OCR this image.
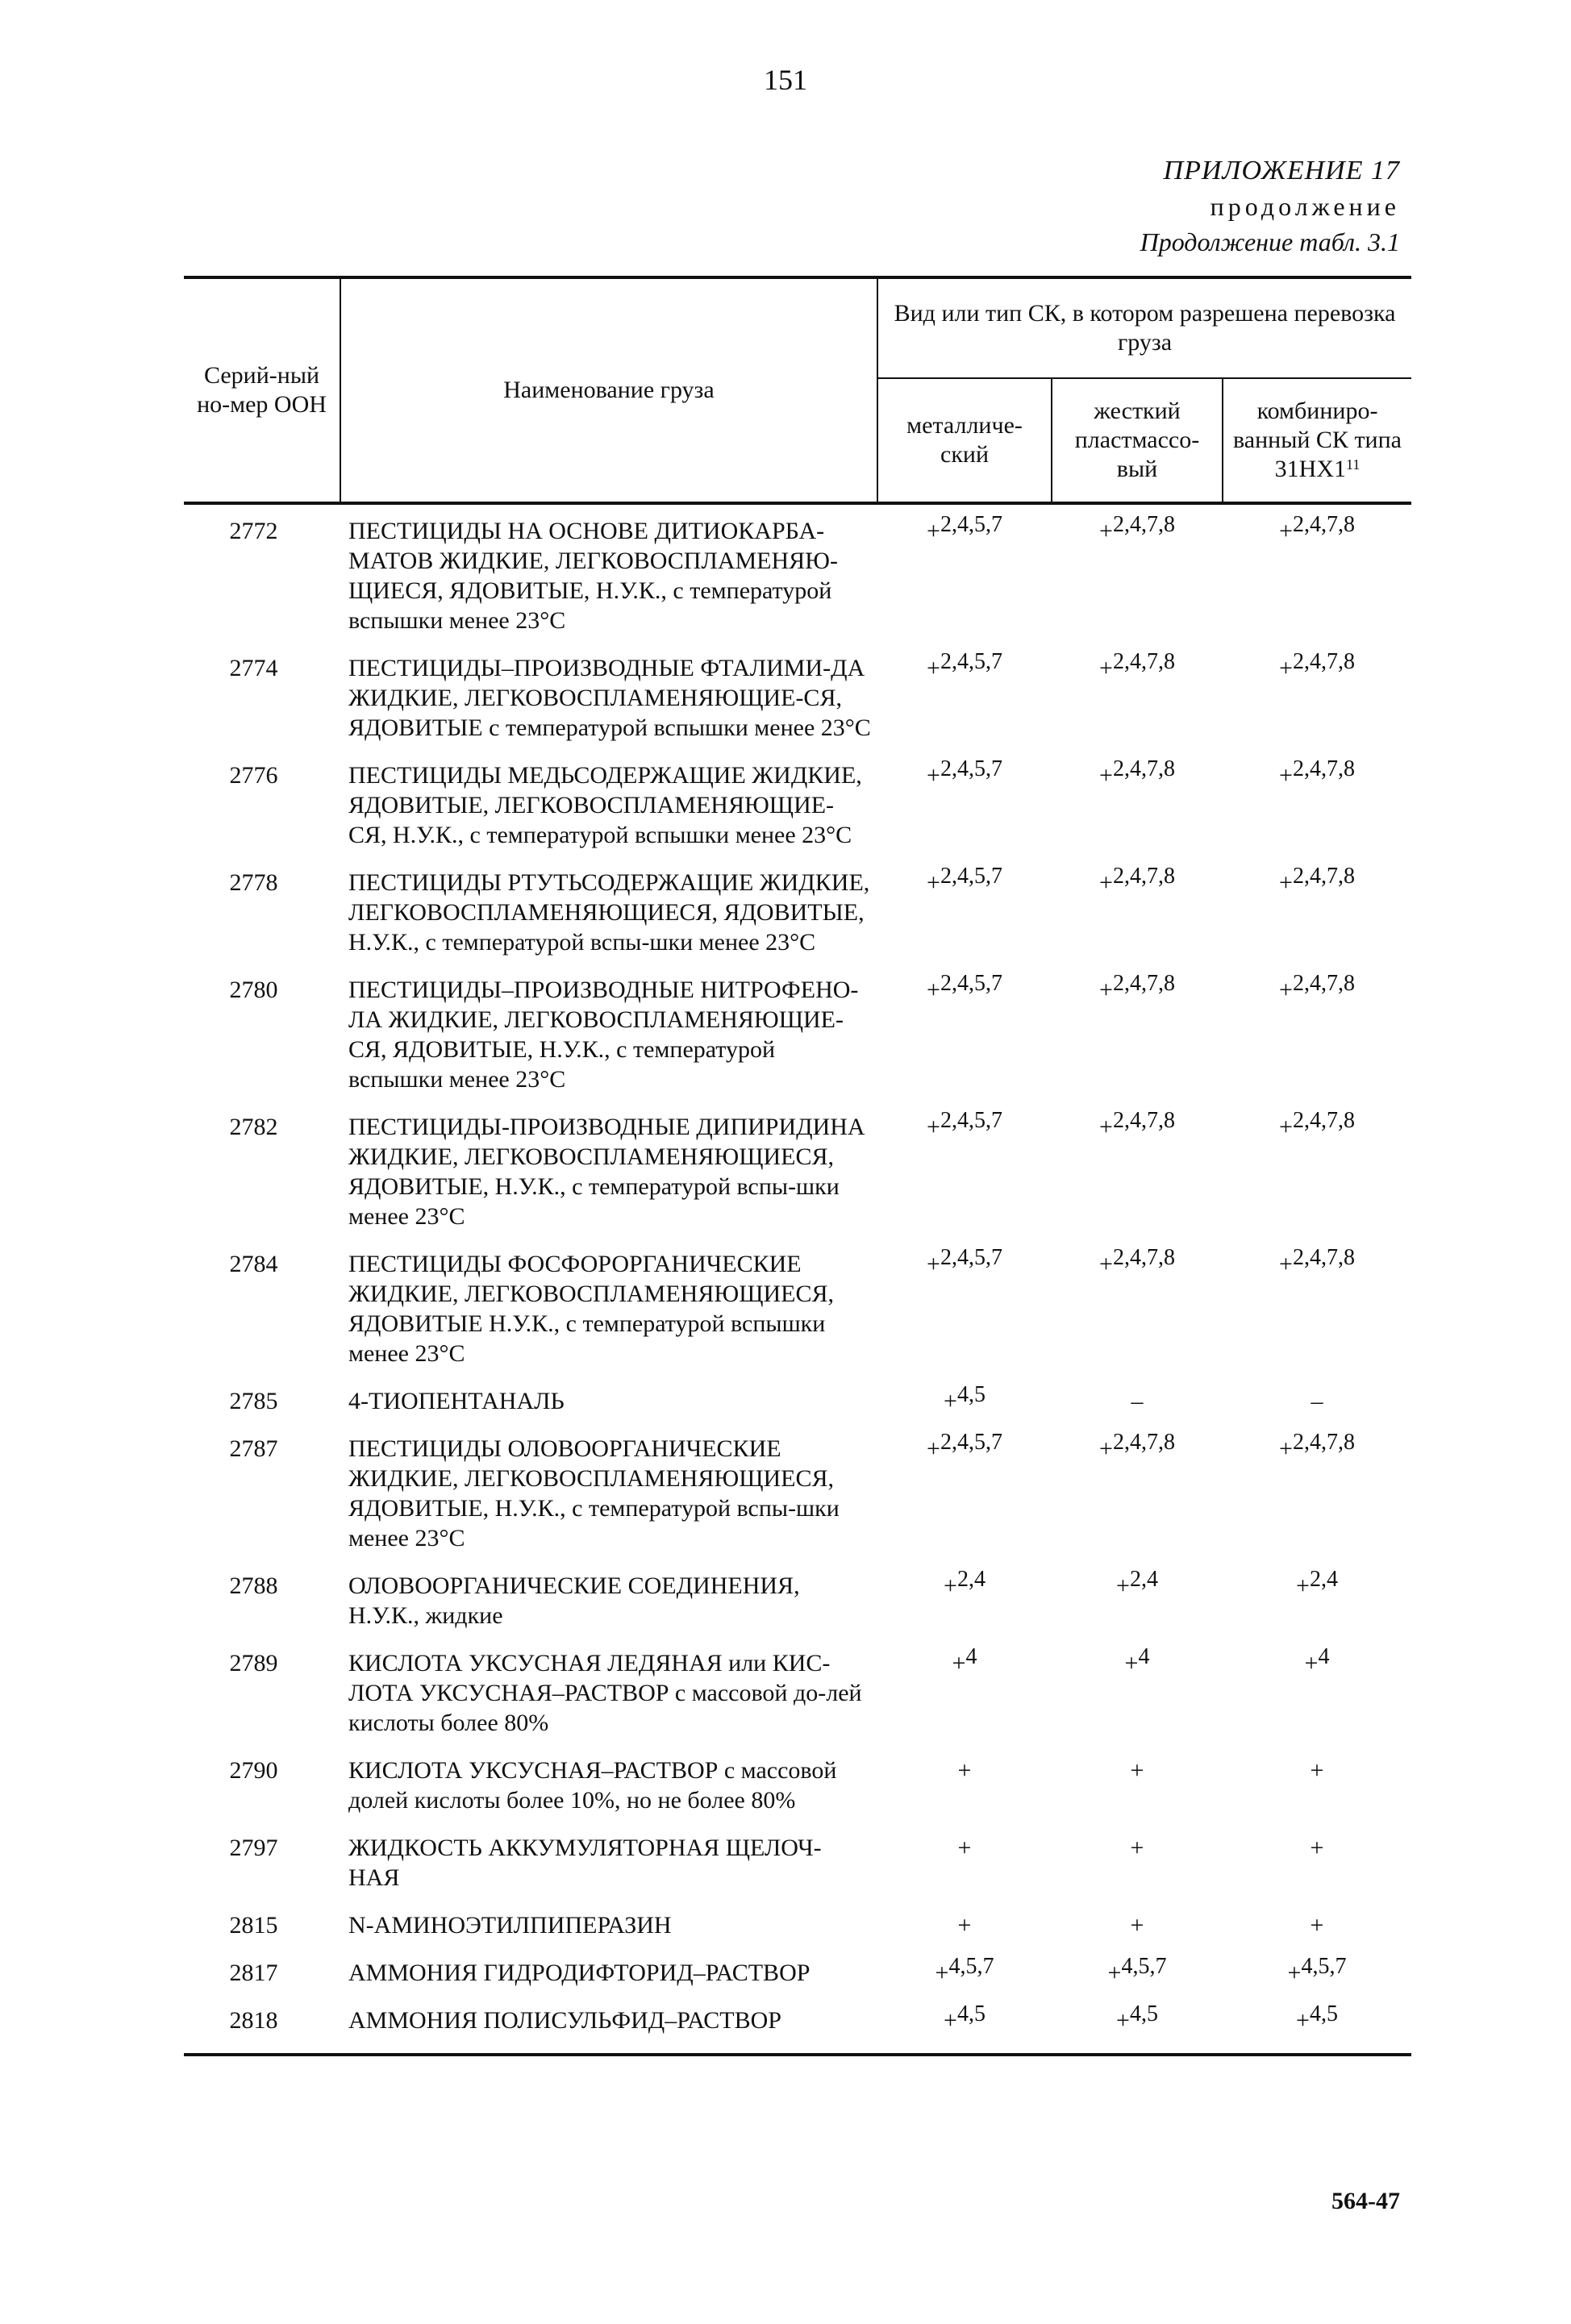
151
ПРИЛОЖЕНИЕ 17
продолжение
Продолжение табл. 3.1
Серий-ный но-мер ООН	Наименование груза	Вид или тип СК, в котором разрешена перевозка груза		
		металличе-ский	жесткий пластмассо-вый	комбиниро-ванный СК типа $31НХ1^{11}$
2772	ПЕСТИЦИДЫ НА ОСНОВЕ ДИТИОКАРБА-МАТОВ ЖИДКИЕ, ЛЕГКОВОСПЛАМЕНЯЮ-ЩИЕСЯ, ЯДОВИТЫЕ, Н.У.К., с температурой вспышки менее 23°С	+2,4,5,7	+2,4,7,8	+2,4,7,8
2774	ПЕСТИЦИДЫ–ПРОИЗВОДНЫЕ ФТАЛИМИ-ДА ЖИДКИЕ, ЛЕГКОВОСПЛАМЕНЯЮЩИЕ-СЯ, ЯДОВИТЫЕ с температурой вспышки менее 23°С	+2,4,5,7	+2,4,7,8	+2,4,7,8
2776	ПЕСТИЦИДЫ МЕДЬСОДЕРЖАЩИЕ ЖИДКИЕ, ЯДОВИТЫЕ, ЛЕГКОВОСПЛАМЕНЯЮЩИЕ-СЯ, Н.У.К., с температурой вспышки менее 23°С	+2,4,5,7	+2,4,7,8	+2,4,7,8
2778	ПЕСТИЦИДЫ РТУТЬСОДЕРЖАЩИЕ ЖИДКИЕ, ЛЕГКОВОСПЛАМЕНЯЮЩИЕСЯ, ЯДОВИТЫЕ, Н.У.К., с температурой вспы-шки менее 23°С	+2,4,5,7	+2,4,7,8	+2,4,7,8
2780	ПЕСТИЦИДЫ–ПРОИЗВОДНЫЕ НИТРОФЕНО-ЛА ЖИДКИЕ, ЛЕГКОВОСПЛАМЕНЯЮЩИЕ-СЯ, ЯДОВИТЫЕ, Н.У.К., с температурой вспышки менее 23°С	+2,4,5,7	+2,4,7,8	+2,4,7,8
2782	ПЕСТИЦИДЫ-ПРОИЗВОДНЫЕ ДИПИРИДИНА ЖИДКИЕ, ЛЕГКОВОСПЛАМЕНЯЮЩИЕСЯ, ЯДОВИТЫЕ, Н.У.К., с температурой вспы-шки менее 23°С	+2,4,5,7	+2,4,7,8	+2,4,7,8
2784	ПЕСТИЦИДЫ ФОСФОРОРГАНИЧЕСКИЕ ЖИДКИЕ, ЛЕГКОВОСПЛАМЕНЯЮЩИЕСЯ, ЯДОВИТЫЕ Н.У.К., с температурой вспышки менее 23°С	+2,4,5,7	+2,4,7,8	+2,4,7,8
2785	4-ТИОПЕНТАНАЛЬ	+4,5	–	–
2787	ПЕСТИЦИДЫ ОЛОВООРГАНИЧЕСКИЕ ЖИДКИЕ, ЛЕГКОВОСПЛАМЕНЯЮЩИЕСЯ, ЯДОВИТЫЕ, Н.У.К., с температурой вспы-шки менее 23°С	+2,4,5,7	+2,4,7,8	+2,4,7,8
2788	ОЛОВООРГАНИЧЕСКИЕ СОЕДИНЕНИЯ, Н.У.К., жидкие	+2,4	+2,4	+2,4
2789	КИСЛОТА УКСУСНАЯ ЛЕДЯНАЯ или КИС-ЛОТА УКСУСНАЯ–РАСТВОР с массовой до-лей кислоты более 80%	+4	+4	+4
2790	КИСЛОТА УКСУСНАЯ–РАСТВОР с массовой долей кислоты более 10%, но не более 80%	+	+	+
2797	ЖИДКОСТЬ АККУМУЛЯТОРНАЯ ЩЕЛОЧ-НАЯ	+	+	+
2815	N-АМИНОЭТИЛПИПЕРАЗИН	+	+	+
2817	АММОНИЯ ГИДРОДИФТОРИД–РАСТВОР	+4,5,7	+4,5,7	+4,5,7
2818	АММОНИЯ ПОЛИСУЛЬФИД–РАСТВОР	+4,5	+4,5	+4,5
564-47
